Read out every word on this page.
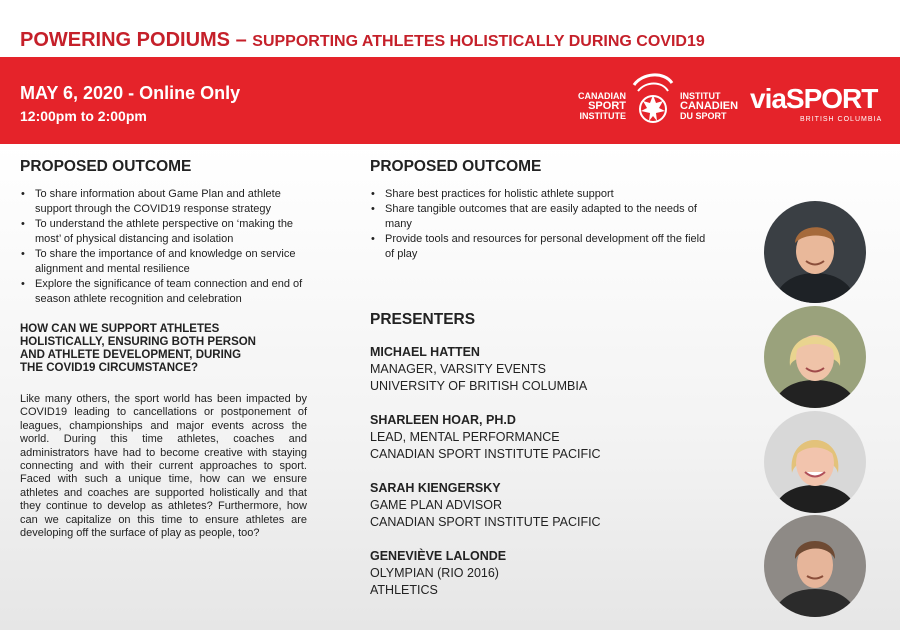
POWERING PODIUMS – SUPPORTING ATHLETES HOLISTICALLY DURING COVID19
MAY 6, 2020 - Online Only
12:00pm to 2:00pm
CANADIAN
SPORT
INSTITUTE
INSTITUT
CANADIEN
DU SPORT
viaSPORT
BRITISH COLUMBIA
PROPOSED OUTCOME
• To share information about Game Plan and athlete support through the COVID19 response strategy
• To understand the athlete perspective on ‘making the most’ of physical distancing and isolation
• To share the importance of and knowledge on service alignment and mental resilience
• Explore the significance of team connection and end of season athlete recognition and celebration

HOW CAN WE SUPPORT ATHLETES HOLISTICALLY, ENSURING BOTH PERSON AND ATHLETE DEVELOPMENT, DURING THE COVID19 CIRCUMSTANCE?

Like many others, the sport world has been impacted by COVID19 leading to cancellations or postponement of leagues, championships and major events across the world. During this time athletes, coaches and administrators have had to become creative with staying connecting and with their current approaches to sport. Faced with such a unique time, how can we ensure athletes and coaches are supported holistically and that they continue to develop as athletes? Furthermore, how can we capitalize on this time to ensure athletes are developing off the surface of play as people, too?

PROPOSED OUTCOME
• Share best practices for holistic athlete support
• Share tangible outcomes that are easily adapted to the needs of many
• Provide tools and resources for personal development off the field of play
PRESENTERS
MICHAEL HATTEN
MANAGER, VARSITY EVENTS
UNIVERSITY OF BRITISH COLUMBIA
SHARLEEN HOAR, PH.D
LEAD, MENTAL PERFORMANCE
CANADIAN SPORT INSTITUTE PACIFIC
SARAH KIENGERSKY
GAME PLAN ADVISOR
CANADIAN SPORT INSTITUTE PACIFIC
GENEVIÈVE LALONDE
OLYMPIAN (RIO 2016)
ATHLETICS
